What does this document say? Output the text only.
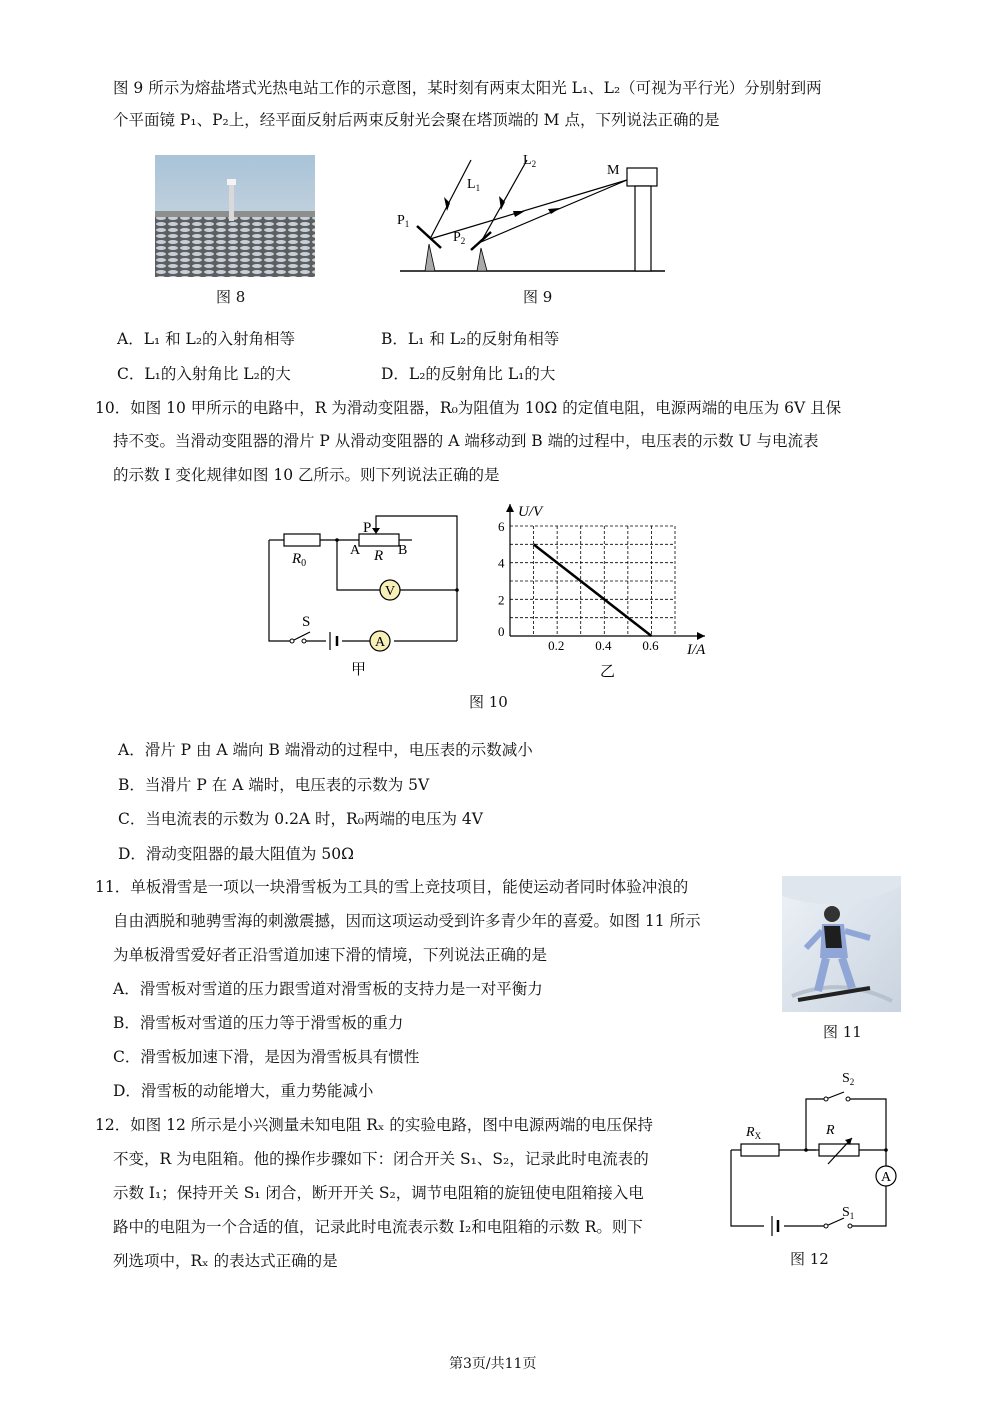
图 9 所示为熔盐塔式光热电站工作的示意图，某时刻有两束太阳光 L₁、L₂（可视为平行光）分别射到两
个平面镜 P₁、P₂上，经平面反射后两束反射光会聚在塔顶端的 M 点，下列说法正确的是
图 8
$L_1$
$L_2$	M
$P_1$
$P_2$
图 9
A．L₁ 和 L₂的入射角相等	B．L₁ 和 L₂的反射角相等
C．L₁的入射角比 L₂的大	D．L₂的反射角比 L₁的大
10．如图 10 甲所示的电路中，R 为滑动变阻器，R₀为阻值为 10Ω 的定值电阻，电源两端的电压为 6V 且保
持不变。当滑动变阻器的滑片 P 从滑动变阻器的 A 端移动到 B 端的过程中，电压表的示数 U 与电流表
的示数 I 变化规律如图 10 乙所示。则下列说法正确的是
$R_0$
P
A R B
V
S
A
甲
U/V
I/A
0
2
4
6
0.2 0.4 0.6
乙
图 10
A．滑片 P 由 A 端向 B 端滑动的过程中，电压表的示数减小
B．当滑片 P 在 A 端时，电压表的示数为 5V
C．当电流表的示数为 0.2A 时，R₀两端的电压为 4V
D．滑动变阻器的最大阻值为 50Ω
11．单板滑雪是一项以一块滑雪板为工具的雪上竞技项目，能使运动者同时体验冲浪的
自由洒脱和驰骋雪海的刺激震撼，因而这项运动受到许多青少年的喜爱。如图 11 所示
为单板滑雪爱好者正沿雪道加速下滑的情境，下列说法正确的是
A．滑雪板对雪道的压力跟雪道对滑雪板的支持力是一对平衡力
B．滑雪板对雪道的压力等于滑雪板的重力
C．滑雪板加速下滑，是因为滑雪板具有惯性
D．滑雪板的动能增大，重力势能减小
图 11
12．如图 12 所示是小兴测量未知电阻 Rₓ 的实验电路，图中电源两端的电压保持
不变，R 为电阻箱。他的操作步骤如下：闭合开关 S₁、S₂，记录此时电流表的
示数 I₁；保持开关 S₁ 闭合，断开开关 S₂，调节电阻箱的旋钮使电阻箱接入电
路中的电阻为一个合适的值，记录此时电流表示数 I₂和电阻箱的示数 R。则下
列选项中，Rₓ 的表达式正确的是
$S_2$
$R_X$	R
A
$S_1$
图 12
第3页/共11页
